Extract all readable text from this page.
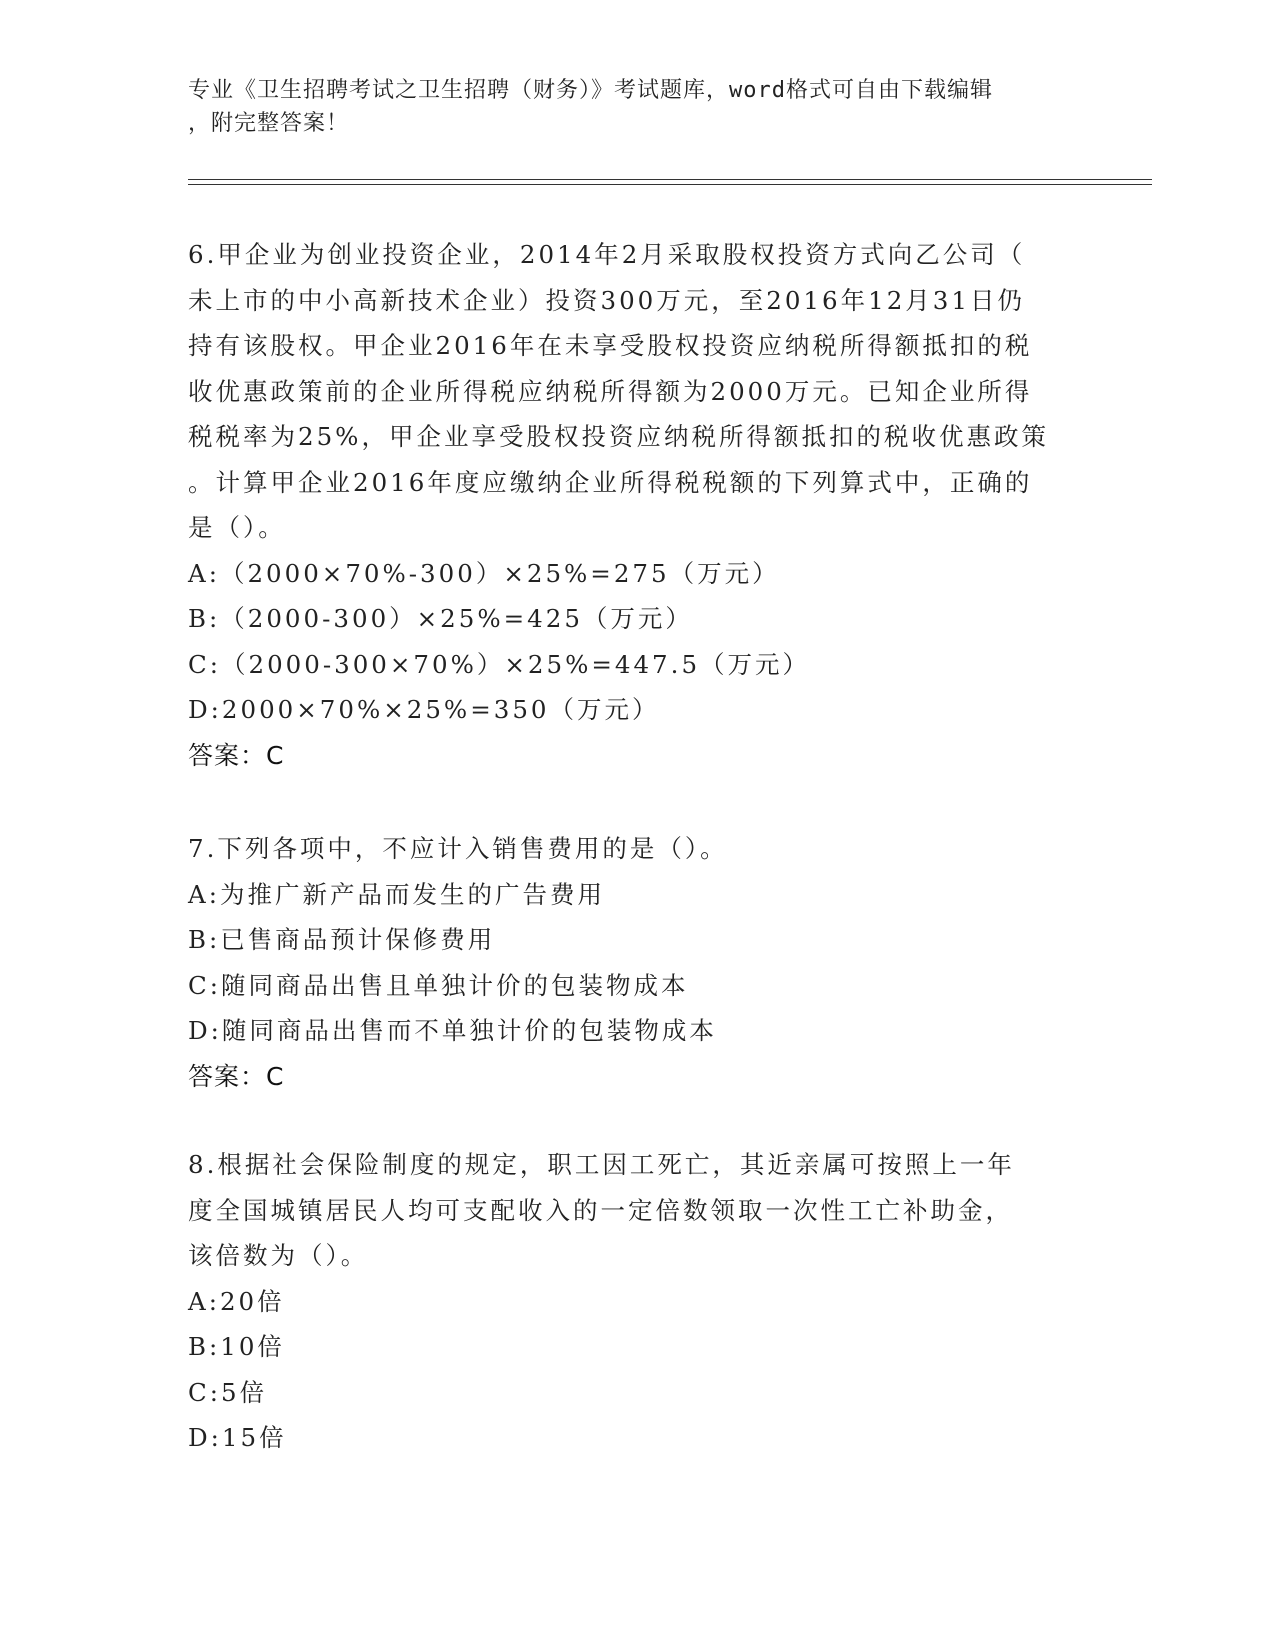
专业《卫生招聘考试之卫生招聘（财务）》考试题库，word格式可自由下载编辑
，附完整答案！

6.甲企业为创业投资企业，2014年2月采取股权投资方式向乙公司（

未上市的中小高新技术企业）投资300万元，至2016年12月31日仍

持有该股权。甲企业2016年在未享受股权投资应纳税所得额抵扣的税

收优惠政策前的企业所得税应纳税所得额为2000万元。已知企业所得

税税率为25%，甲企业享受股权投资应纳税所得额抵扣的税收优惠政策

。计算甲企业2016年度应缴纳企业所得税税额的下列算式中，正确的

是（）。

A:（2000×70%-300）×25%=275（万元）

B:（2000-300）×25%=425（万元）

C:（2000-300×70%）×25%=447.5（万元）

D:2000×70%×25%=350（万元）

答案：C

7.下列各项中，不应计入销售费用的是（）。

A:为推广新产品而发生的广告费用

B:已售商品预计保修费用

C:随同商品出售且单独计价的包装物成本

D:随同商品出售而不单独计价的包装物成本

答案：C

8.根据社会保险制度的规定，职工因工死亡，其近亲属可按照上一年

度全国城镇居民人均可支配收入的一定倍数领取一次性工亡补助金，

该倍数为（）。

A:20倍

B:10倍

C:5倍

D:15倍
